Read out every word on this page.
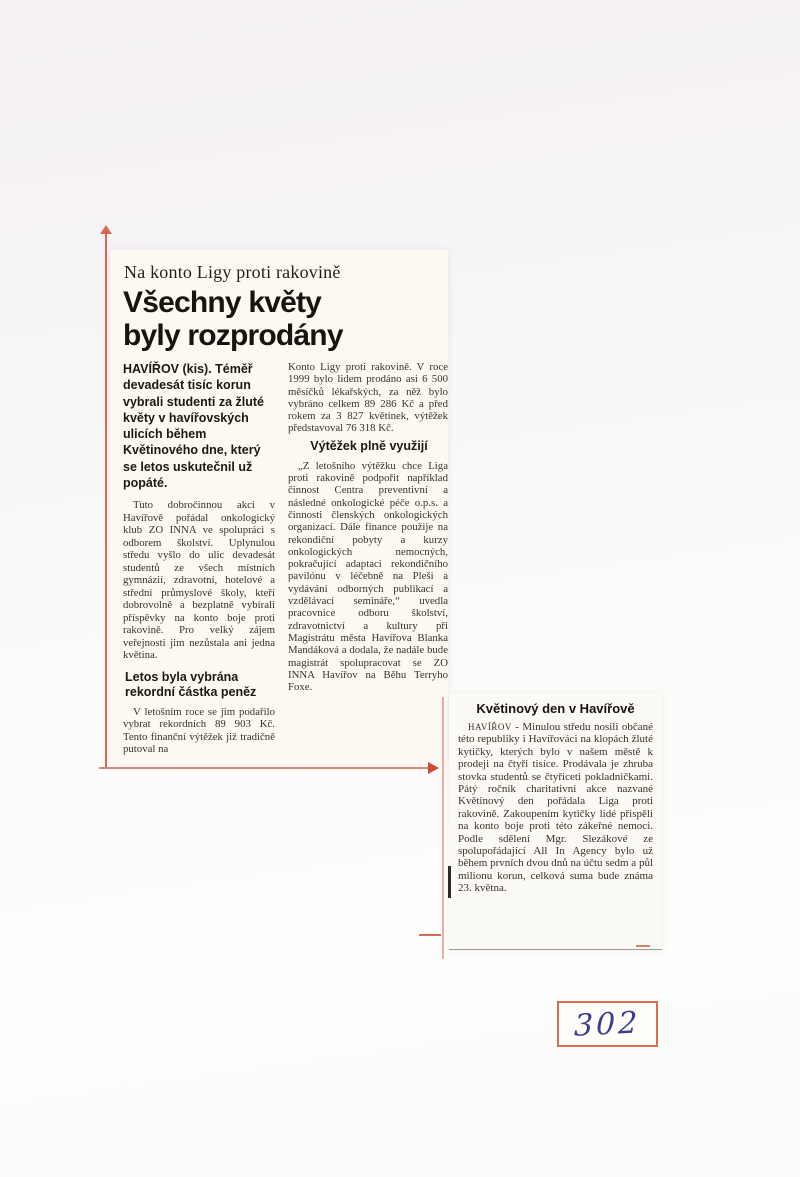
Na konto Ligy proti rakovině
Všechny květy
byly rozprodány

HAVÍŘOV (kis). Téměř devadesát tisíc korun vybrali studenti za žluté květy v havířovských ulicích během Květinového dne, který se letos uskutečnil už popáté.

Tuto dobročinnou akci v Havířově pořádal onkologický klub ZO INNA ve spolupráci s odborem školství. Uplynulou středu vyšlo do ulic devadesát studentů ze všech místních gymnázií, zdravotní, hotelové a střední průmyslové školy, kteří dobrovolně a bezplatně vybírali příspěvky na konto boje proti rakovině. Pro velký zájem veřejnosti jim nezůstala ani jedna květina.

Letos byla vybrána rekordní částka peněz

V letošním roce se jim podařilo vybrat rekordních 89 903 Kč. Tento finanční výtěžek již tradičně putoval na

Konto Ligy proti rakovině. V roce 1999 bylo lidem prodáno asi 6 500 měsíčků lékařských, za něž bylo vybráno celkem 89 286 Kč a před rokem za 3 827 květinek, výtěžek představoval 76 318 Kč.

Výtěžek plně využijí

„Z letošního výtěžku chce Liga proti rakovině podpořit například činnost Centra preventivní a následné onkologické péče o.p.s. a činnosti členských onkologických organizací. Dále finance použije na rekondiční pobyty a kurzy onkologických nemocných, pokračující adaptaci rekondičního pavilónu v léčebně na Pleši a vydávání odborných publikací a vzdělávací semináře,“ uvedla pracovnice odboru školství, zdravotnictví a kultury při Magistrátu města Havířova Blanka Mandáková a dodala, že nadále bude magistrát spolupracovat se ZO INNA Havířov na Běhu Terryho Foxe.

Květinový den v Havířově

HAVÍŘOV - Minulou středu nosili občané této republiky i Havířováci na klopách žluté kytičky, kterých bylo v našem městě k prodeji na čtyři tisíce. Prodávala je zhruba stovka studentů se čtyřiceti pokladničkami. Pátý ročník charitativní akce nazvané Květinový den pořádala Liga proti rakovině. Zakoupením kytičky lidé přispěli na konto boje proti této zákeřné nemoci. Podle sdělení Mgr. Slezákové ze spolupořádající All In Agency bylo už během prvních dvou dnů na účtu sedm a půl milionu korun, celková suma bude známa 23. května.

302
